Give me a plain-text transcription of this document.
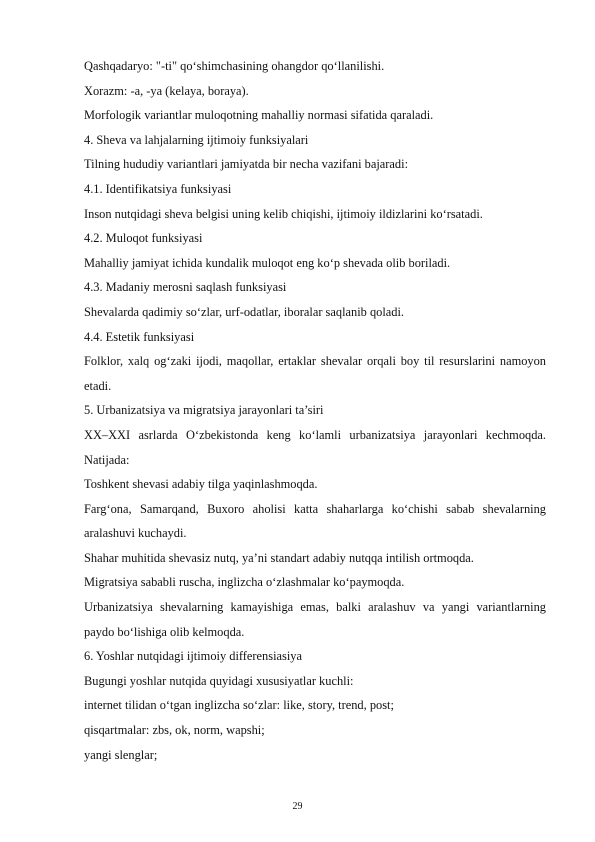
Qashqadaryo: "-ti" qo‘shimchasining ohangdor qo‘llanilishi.

Xorazm: -a, -ya (kelaya, boraya).

Morfologik variantlar muloqotning mahalliy normasi sifatida qaraladi.

4. Sheva va lahjalarning ijtimoiy funksiyalari

Tilning hududiy variantlari jamiyatda bir necha vazifani bajaradi:

4.1. Identifikatsiya funksiyasi

Inson nutqidagi sheva belgisi uning kelib chiqishi, ijtimoiy ildizlarini ko‘rsatadi.

4.2. Muloqot funksiyasi

Mahalliy jamiyat ichida kundalik muloqot eng ko‘p shevada olib boriladi.

4.3. Madaniy merosni saqlash funksiyasi

Shevalarda qadimiy so‘zlar, urf-odatlar, iboralar saqlanib qoladi.

4.4. Estetik funksiyasi

Folklor, xalq og‘zaki ijodi, maqollar, ertaklar shevalar orqali boy til resurslarini namoyon etadi.

5. Urbanizatsiya va migratsiya jarayonlari ta’siri

XX–XXI asrlarda O‘zbekistonda keng ko‘lamli urbanizatsiya jarayonlari kechmoqda. Natijada:

Toshkent shevasi adabiy tilga yaqinlashmoqda.

Farg‘ona, Samarqand, Buxoro aholisi katta shaharlarga ko‘chishi sabab shevalarning aralashuvi kuchaydi.

Shahar muhitida shevasiz nutq, ya’ni standart adabiy nutqqa intilish ortmoqda.

Migratsiya sababli ruscha, inglizcha o‘zlashmalar ko‘paymoqda.

Urbanizatsiya shevalarning kamayishiga emas, balki aralashuv va yangi variantlarning paydo bo‘lishiga olib kelmoqda.

6. Yoshlar nutqidagi ijtimoiy differensiasiya

Bugungi yoshlar nutqida quyidagi xususiyatlar kuchli:

internet tilidan o‘tgan inglizcha so‘zlar: like, story, trend, post;

qisqartmalar: zbs, ok, norm, wapshi;

yangi slenglar;

29
